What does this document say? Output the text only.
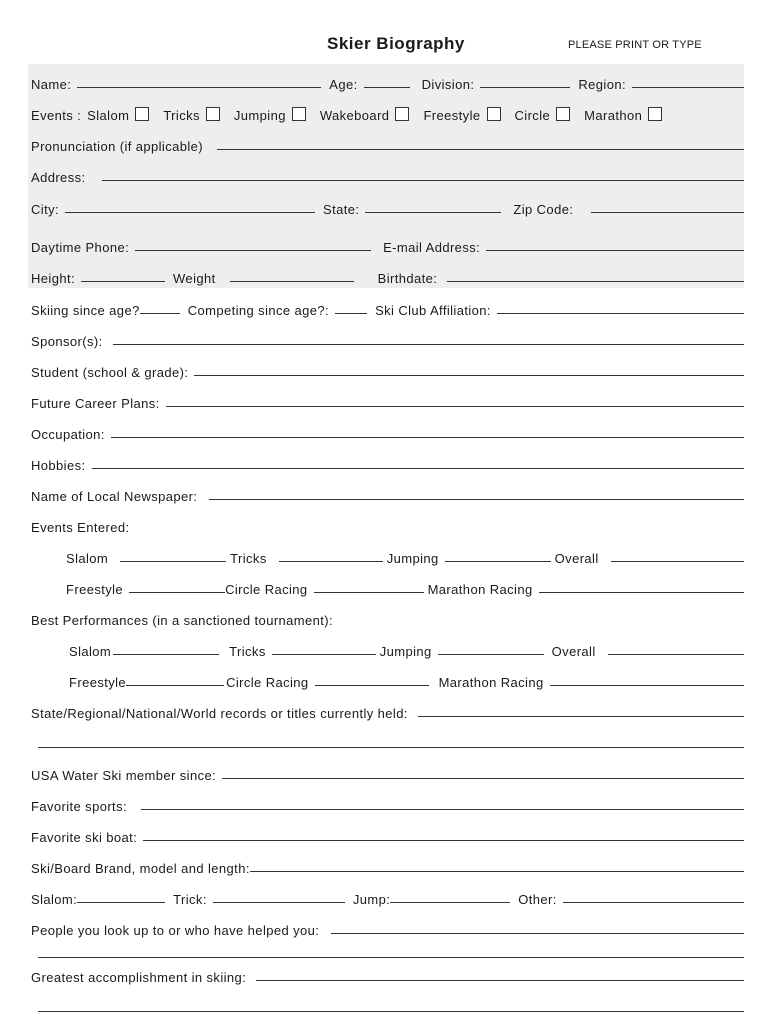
Skier Biography	PLEASE PRINT OR TYPE
Name:	Age:	Division:	Region:
Events : Slalom	Tricks	Jumping	Wakeboard	Freestyle	Circle	Marathon
Pronunciation (if applicable)
Address:
City:	State:	Zip Code:
Daytime Phone:	E-mail Address:
Height:	Weight	Birthdate:
Skiing since age?	Competing since age?:	Ski Club Affiliation:
Sponsor(s):
Student (school & grade):
Future Career Plans:
Occupation:
Hobbies:
Name of Local Newspaper:
Events Entered:
Slalom	Tricks	Jumping	Overall
Freestyle	Circle Racing	Marathon Racing
Best Performances (in a sanctioned tournament):
Slalom	Tricks	Jumping	Overall
Freestyle	Circle Racing	Marathon Racing
State/Regional/National/World records or titles currently held:
USA Water Ski member since:
Favorite sports:
Favorite ski boat:
Ski/Board Brand, model and length:
Slalom:	Trick:	Jump:	Other:
People you look up to or who have helped you:
Greatest accomplishment in skiing:
